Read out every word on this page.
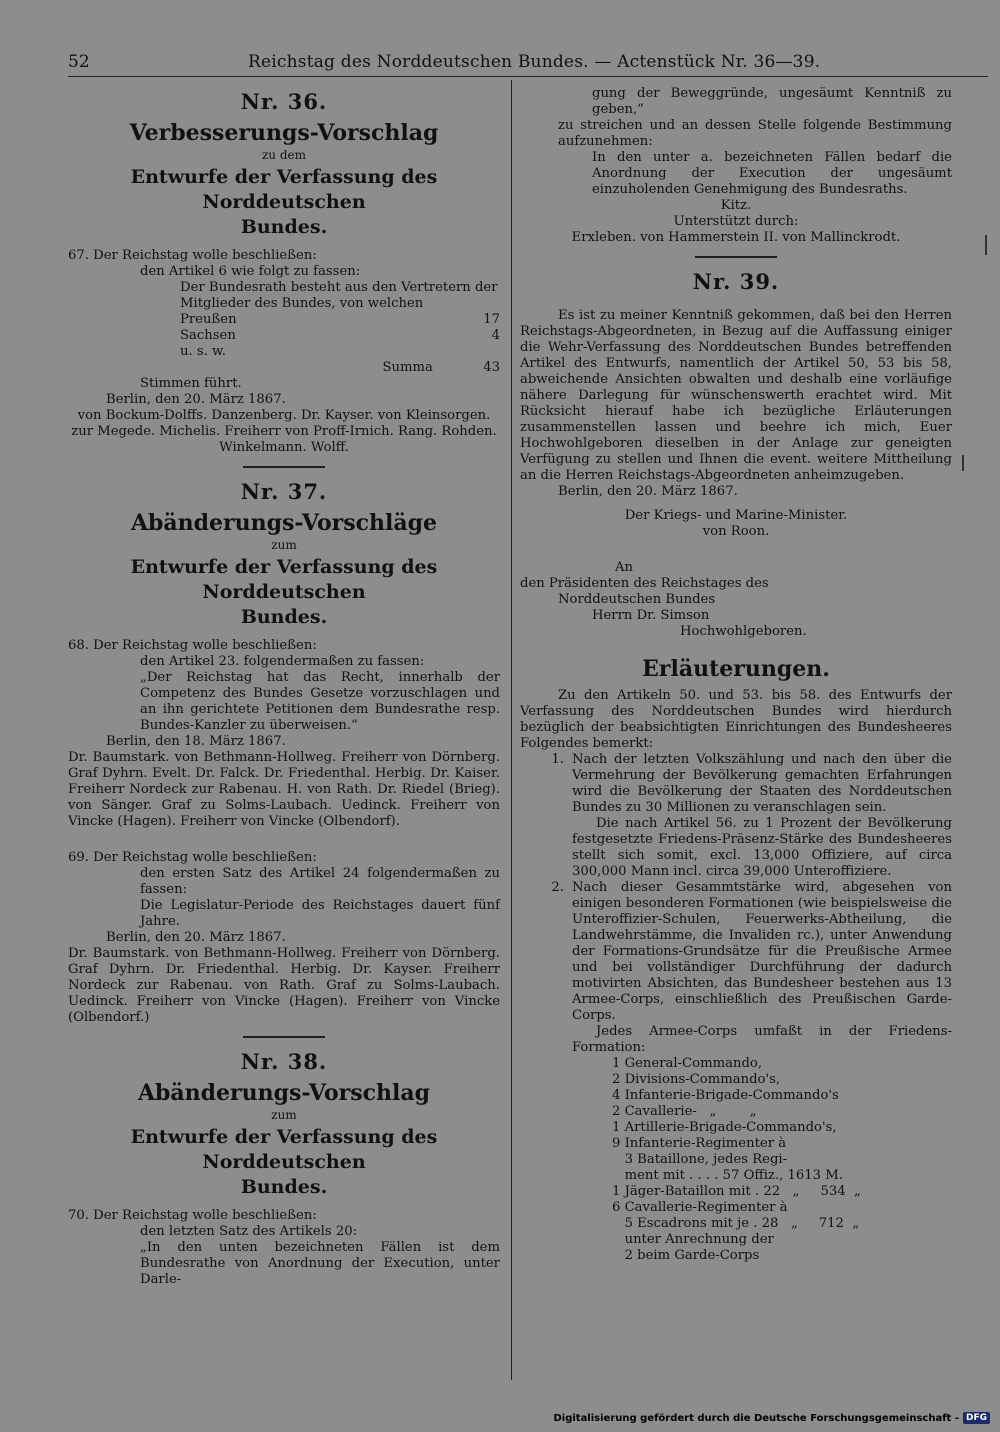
52	Reichstag des Norddeutschen Bundes. — Actenstück Nr. 36—39.
Nr. 36.
Verbesserungs-Vorschlag
zu dem
Entwurfe der Verfassung des Norddeutschen
Bundes.
67. Der Reichstag wolle beschließen:
den Artikel 6 wie folgt zu fassen:
Der Bundesrath besteht aus den Vertretern der
Mitglieder des Bundes, von welchen
Preußen	17
Sachsen	4
u. s. w.
Summa	43
Stimmen führt.
Berlin, den 20. März 1867.
von Bockum-Dolffs. Danzenberg. Dr. Kayser. von Kleinsorgen. zur Megede. Michelis. Freiherr von Proff-Irnich. Rang. Rohden. Winkelmann. Wolff.
Nr. 37.
Abänderungs-Vorschläge
zum
Entwurfe der Verfassung des Norddeutschen
Bundes.
68. Der Reichstag wolle beschließen:
den Artikel 23. folgendermaßen zu fassen:
„Der Reichstag hat das Recht, innerhalb der Competenz des Bundes Gesetze vorzuschlagen und an ihn gerichtete Petitionen dem Bundesrathe resp. Bundes-Kanzler zu überweisen.“
Berlin, den 18. März 1867.
Dr. Baumstark. von Bethmann-Hollweg. Freiherr von Dörnberg. Graf Dyhrn. Evelt. Dr. Falck. Dr. Friedenthal. Herbig. Dr. Kaiser. Freiherr Nordeck zur Rabenau. H. von Rath. Dr. Riedel (Brieg). von Sänger. Graf zu Solms-Laubach. Uedinck. Freiherr von Vincke (Hagen). Freiherr von Vincke (Olbendorf).
69. Der Reichstag wolle beschließen:
den ersten Satz des Artikel 24 folgendermaßen zu fassen:
Die Legislatur-Periode des Reichstages dauert fünf Jahre.
Berlin, den 20. März 1867.
Dr. Baumstark. von Bethmann-Hollweg. Freiherr von Dörnberg. Graf Dyhrn. Dr. Friedenthal. Herbig. Dr. Kayser. Freiherr Nordeck zur Rabenau. von Rath. Graf zu Solms-Laubach. Uedinck. Freiherr von Vincke (Hagen). Freiherr von Vincke (Olbendorf.)
Nr. 38.
Abänderungs-Vorschlag
zum
Entwurfe der Verfassung des Norddeutschen
Bundes.
70. Der Reichstag wolle beschließen:
den letzten Satz des Artikels 20:
„In den unten bezeichneten Fällen ist dem Bundesrathe von Anordnung der Execution, unter Darle-
gung der Beweggründe, ungesäumt Kenntniß zu geben,“
zu streichen und an dessen Stelle folgende Bestimmung aufzunehmen:
In den unter a. bezeichneten Fällen bedarf die Anordnung der Execution der ungesäumt einzuholenden Genehmigung des Bundesraths.
Kitz.
Unterstützt durch:
Erxleben. von Hammerstein II. von Mallinckrodt.
Nr. 39.
Es ist zu meiner Kenntniß gekommen, daß bei den Herren Reichstags-Abgeordneten, in Bezug auf die Auffassung einiger die Wehr-Verfassung des Norddeutschen Bundes betreffenden Artikel des Entwurfs, namentlich der Artikel 50, 53 bis 58, abweichende Ansichten obwalten und deshalb eine vorläufige nähere Darlegung für wünschenswerth erachtet wird. Mit Rücksicht hierauf habe ich bezügliche Erläuterungen zusammenstellen lassen und beehre ich mich, Euer Hochwohlgeboren dieselben in der Anlage zur geneigten Verfügung zu stellen und Ihnen die event. weitere Mittheilung an die Herren Reichstags-Abgeordneten anheimzugeben.
Berlin, den 20. März 1867.
Der Kriegs- und Marine-Minister.
von Roon.
An
den Präsidenten des Reichstages des
Norddeutschen Bundes
Herrn Dr. Simson
Hochwohlgeboren.
Erläuterungen.
Zu den Artikeln 50. und 53. bis 58. des Entwurfs der Verfassung des Norddeutschen Bundes wird hierdurch bezüglich der beabsichtigten Einrichtungen des Bundesheeres Folgendes bemerkt:
1. Nach der letzten Volkszählung und nach den über die Vermehrung der Bevölkerung gemachten Erfahrungen wird die Bevölkerung der Staaten des Norddeutschen Bundes zu 30 Millionen zu veranschlagen sein.
Die nach Artikel 56. zu 1 Prozent der Bevölkerung festgesetzte Friedens-Präsenz-Stärke des Bundesheeres stellt sich somit, excl. 13,000 Offiziere, auf circa 300,000 Mann incl. circa 39,000 Unteroffiziere.
2. Nach dieser Gesammtstärke wird, abgesehen von einigen besonderen Formationen (wie beispielsweise die Unteroffizier-Schulen, Feuerwerks-Abtheilung, die Landwehrstämme, die Invaliden rc.), unter Anwendung der Formations-Grundsätze für die Preußische Armee und bei vollständiger Durchführung der dadurch motivirten Absichten, das Bundesheer bestehen aus 13 Armee-Corps, einschließlich des Preußischen Garde-Corps.
Jedes Armee-Corps umfaßt in der Friedens-Formation:
1 General-Commando,
2 Divisions-Commando's,
4 Infanterie-Brigade-Commando's
2 Cavallerie-   „        „
1 Artillerie-Brigade-Commando's,
9 Infanterie-Regimenter à
3 Bataillone, jedes Regi-
ment mit . . . . 57 Offiz., 1613 M.
1 Jäger-Bataillon mit . 22   „     534  „
6 Cavallerie-Regimenter à
5 Escadrons mit je . 28   „     712  „
unter Anrechnung der
2 beim Garde-Corps
Digitalisierung gefördert durch die Deutsche Forschungsgemeinschaft - DFG
